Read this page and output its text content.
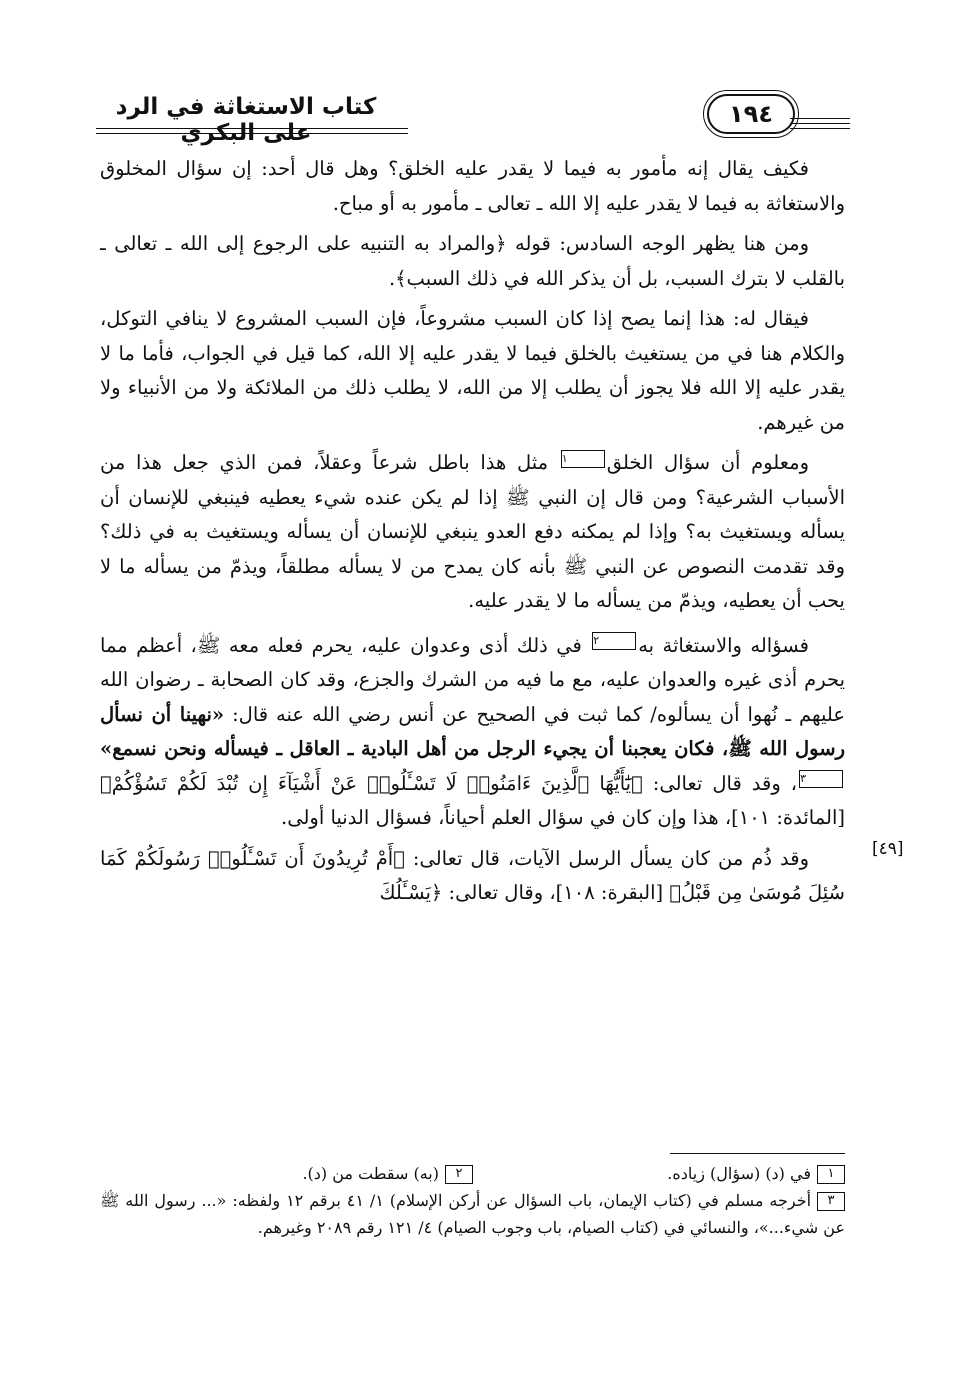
كتاب الاستغاثة في الرد على البكري
١٩٤
[٤٩]

فكيف يقال إنه مأمور به فيما لا يقدر عليه الخلق؟ وهل قال أحد: إن سؤال المخلوق والاستغاثة به فيما لا يقدر عليه إلا الله ـ تعالى ـ مأمور به أو مباح.

ومن هنا يظهر الوجه السادس: قوله ﴿والمراد به التنبيه على الرجوع إلى الله ـ تعالى ـ بالقلب لا بترك السبب، بل أن يذكر الله في ذلك السبب﴾.

فيقال له: هذا إنما يصح إذا كان السبب مشروعاً، فإن السبب المشروع لا ينافي التوكل، والكلام هنا في من يستغيث بالخلق فيما لا يقدر عليه إلا الله، كما قيل في الجواب، فأما ما لا يقدر عليه إلا الله فلا يجوز أن يطلب إلا من الله، لا يطلب ذلك من الملائكة ولا من الأنبياء ولا من غيرهم.

ومعلوم أن سؤال الخلق١ مثل هذا باطل شرعاً وعقلاً، فمن الذي جعل هذا من الأسباب الشرعية؟ ومن قال إن النبي ﷺ إذا لم يكن عنده شيء يعطيه فينبغي للإنسان أن يسأله ويستغيث به؟ وإذا لم يمكنه دفع العدو ينبغي للإنسان أن يسأله ويستغيث به في ذلك؟ وقد تقدمت النصوص عن النبي ﷺ بأنه كان يمدح من لا يسأله مطلقاً، ويذمّ من يسأله ما لا يحب أن يعطيه، ويذمّ من يسأله ما لا يقدر عليه.

فسؤاله والاستغاثة به٢ في ذلك أذى وعدوان عليه، يحرم فعله معه ﷺ، أعظم مما يحرم أذى غيره والعدوان عليه، مع ما فيه من الشرك والجزع، وقد كان الصحابة ـ رضوان الله عليهم ـ نُهوا أن يسألوه/ كما ثبت في الصحيح عن أنس رضي الله عنه قال: «نهينا أن نسأل رسول الله ﷺ، فكان يعجبنا أن يجيء الرجل من أهل البادية ـ العاقل ـ فيسأله ونحن نسمع»٣، وقد قال تعالى: ﴿يَٰٓأَيُّهَا ٱلَّذِينَ ءَامَنُوا۟ لَا تَسْـَٔلُوا۟ عَنْ أَشْيَآءَ إِن تُبْدَ لَكُمْ تَسُؤْكُمْ﴾ [المائدة: ١٠١]، هذا وإن كان في سؤال العلم أحياناً، فسؤال الدنيا أولى.

وقد ذُم من كان يسأل الرسل الآيات، قال تعالى: ﴿أَمْ تُرِيدُونَ أَن تَسْـَٔلُوا۟ رَسُولَكُمْ كَمَا سُئِلَ مُوسَىٰ مِن قَبْلُ﴾ [البقرة: ١٠٨]، وقال تعالى: ﴿يَسْـَٔلُكَ

١في (د) (سؤال) زياده.
٢(به) سقطت من (د).

٣أخرجه مسلم في (كتاب الإيمان، باب السؤال عن أركن الإسلام) ١/ ٤١ برقم ١٢ ولفظه: «... رسول الله ﷺ عن شيء...»، والنسائي في (كتاب الصيام، باب وجوب الصيام) ٤/ ١٢١ رقم ٢٠٨٩ وغيرهم.
